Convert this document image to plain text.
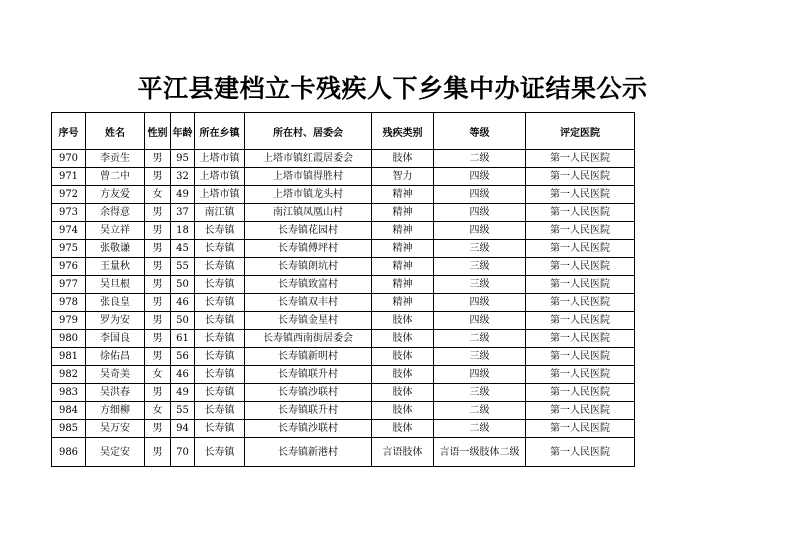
平江县建档立卡残疾人下乡集中办证结果公示
序号	姓名	性别	年龄	所在乡镇	所在村、居委会	残疾类别	等级	评定医院
970	李贡生	男	95	上塔市镇	上塔市镇红霞居委会	肢体	二级	第一人民医院
971	曾二中	男	32	上塔市镇	上塔市镇得胜村	智力	四级	第一人民医院
972	方友爱	女	49	上塔市镇	上塔市镇龙头村	精神	四级	第一人民医院
973	余得意	男	37	南江镇	南江镇凤凰山村	精神	四级	第一人民医院
974	吴立祥	男	18	长寿镇	长寿镇花园村	精神	四级	第一人民医院
975	张敬谦	男	45	长寿镇	长寿镇傅坪村	精神	三级	第一人民医院
976	王量秋	男	55	长寿镇	长寿镇朗坑村	精神	三级	第一人民医院
977	吴旦根	男	50	长寿镇	长寿镇致富村	精神	三级	第一人民医院
978	张良皇	男	46	长寿镇	长寿镇双丰村	精神	四级	第一人民医院
979	罗为安	男	50	长寿镇	长寿镇金星村	肢体	四级	第一人民医院
980	李国良	男	61	长寿镇	长寿镇西南街居委会	肢体	二级	第一人民医院
981	徐佑昌	男	56	长寿镇	长寿镇新明村	肢体	三级	第一人民医院
982	吴奇美	女	46	长寿镇	长寿镇联升村	肢体	四级	第一人民医院
983	吴洪春	男	49	长寿镇	长寿镇沙联村	肢体	三级	第一人民医院
984	方细柳	女	55	长寿镇	长寿镇联升村	肢体	二级	第一人民医院
985	吴万安	男	94	长寿镇	长寿镇沙联村	肢体	二级	第一人民医院
986	吴定安	男	70	长寿镇	长寿镇新港村	言语肢体	言语一级肢体二级	第一人民医院
